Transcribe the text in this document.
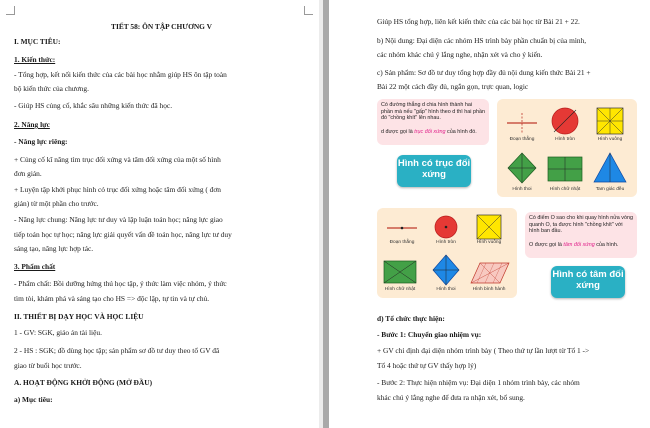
TIẾT 58: ÔN TẬP CHƯƠNG V
I. MỤC TIÊU:
1. Kiến thức:
- Tổng hợp, kết nối kiến thức của các bài học nhằm giúp HS ôn tập toàn
bộ kiến thức của chương.
- Giúp HS củng cố, khắc sâu những kiến thức đã học.
2. Năng lực
- Năng lực riêng:
+ Củng cố kĩ năng tìm trục đối xứng và tâm đối xứng của một số hình
đơn giản.
+ Luyện tập khởi phục hình có trục đối xứng hoặc tâm đối xứng ( đơn
giản) từ một phần cho trước.
- Năng lực chung: Năng lực tư duy và lập luận toán học; năng lực giao
tiếp toán học tự học; năng lực giải quyết vấn đề toán học, năng lực tư duy
sáng tạo, năng lực hợp tác.
3. Phẩm chất
- Phẩm chất: Bồi dưỡng hứng thú học tập, ý thức làm việc nhóm, ý thức
tìm tòi, khám phá và sáng tạo cho HS => độc lập, tự tin và tự chủ.
II. THIẾT BỊ DẠY HỌC VÀ HỌC LIỆU
1 - GV: SGK, giáo án tài liệu.
2 - HS : SGK; đồ dùng học tập; sản phẩm sơ đồ tư duy theo tổ GV đã
giao từ buổi học trước.
A. HOẠT ĐỘNG KHỞI ĐỘNG (MỞ ĐẦU)
a) Mục tiêu:
Giúp HS tổng hợp, liên kết kiến thức của các bài học từ Bài 21 + 22.
b) Nội dung: Đại diện các nhóm HS trình bày phần chuẩn bị của mình,
các nhóm khác chú ý lắng nghe, nhận xét và cho ý kiến.
c) Sản phẩm: Sơ đồ tư duy tổng hợp đầy đủ nội dung kiến thức Bài 21 +
Bài 22 một cách đầy đủ, ngắn gọn, trực quan, logic
Có đường thẳng d chia hình thành hai phần mà nếu "gấp" hình theo d thì hai phần đó "chồng khít" lên nhau.
d được gọi là trục đối xứng của hình đó.
Hình có trục đối xứng
Đoạn thẳng	Hình tròn	Hình vuông
Hình thoi	Hình chữ nhật	Tam giác đều
Đoạn thẳng	Hình tròn	Hình vuông
Hình chữ nhật	Hình thoi	Hình bình hành
Có điểm O sao cho khi quay hình nửa vòng quanh O, ta được hình "chồng khít" với hình ban đầu.
O được gọi là tâm đối xứng của hình.
Hình có tâm đối xứng
d) Tổ chức thực hiện:
- Bước 1: Chuyển giao nhiệm vụ:
+ GV chỉ định đại diện nhóm trình bày ( Theo thứ tự lần lượt từ Tổ 1 ->
Tổ 4 hoặc thứ tự GV thấy hợp lý)
- Bước 2: Thực hiện nhiệm vụ: Đại diện 1 nhóm trình bày, các nhóm
khác chú ý lắng nghe để đưa ra nhận xét, bổ sung.
